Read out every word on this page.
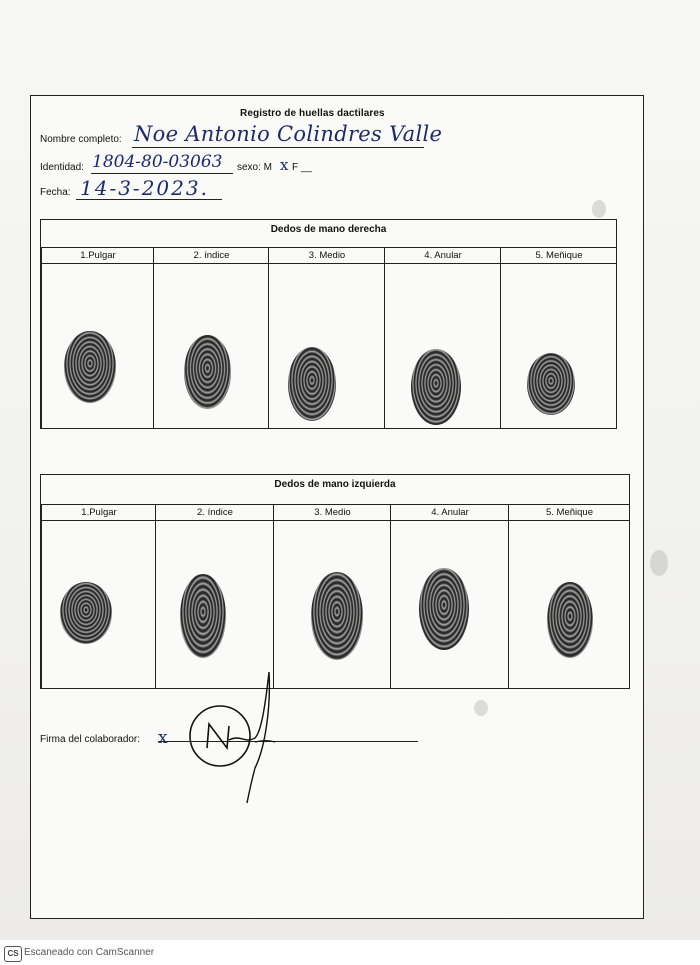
Registro de huellas dactilares
Nombre completo: Noe Antonio Colindres Valle
Identidad: 1804-80-03063 sexo: M x F __
Fecha: 14-3-2023.
Dedos de mano derecha
1.Pulgar	2. índice	3. Medio	4. Anular	5. Meñique
Dedos de mano izquierda
1.Pulgar	2. índice	3. Medio	4. Anular	5. Meñique
Firma del colaborador: x
CS Escaneado con CamScanner
